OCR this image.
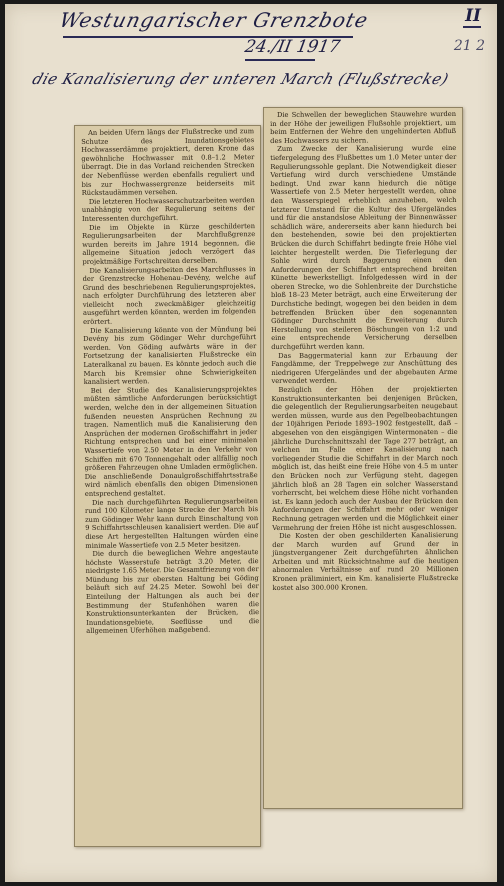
Westungarischer Grenzbote
24./II 1917
II
21 2
die Kanalisierung der unteren March (Flußstrecke)

An beiden Ufern längs der Flußstrecke und zum Schutze des Inundationsgebietes Hochwasserdämme projektiert, deren Krone das gewöhnliche Hochwasser mit 0.8–1.2 Meter überragt. Die in das Vorland reichenden Strecken der Nebenflüsse werden ebenfalls reguliert und bis zur Hochwassergrenze beiderseits mit Rückstaudämmen versehen.

Die letzteren Hochwasserschutzarbeiten werden unabhängig von der Regulierung seitens der Interessenten durchgeführt.

Die im Objekte in Kürze geschilderten Regulierungsarbeiten der Marchflußgrenze wurden bereits im Jahre 1914 begonnen, die allgemeine Situation jedoch verzögert das projektmäßige Fortschreiten derselben.

Die Kanalisierungsarbeiten des Marchflusses in der Grenzstrecke Hohenau–Devény, welche auf Grund des beschriebenen Regulierungsprojektes, nach erfolgter Durchführung des letzteren aber vielleicht noch zweckmäßiger gleichzeitig ausgeführt werden könnten, werden im folgenden erörtert.

Die Kanalisierung könnte von der Mündung bei Devény bis zum Gödinger Wehr durchgeführt werden. Von Göding aufwärts wäre in der Fortsetzung der kanalisierten Flußstrecke ein Lateralkanal zu bauen. Es könnte jedoch auch die March bis Kremsier ohne Schwierigkeiten kanalisiert werden.

Bei der Studie des Kanalisierungsprojektes müßten sämtliche Anforderungen berücksichtigt werden, welche den in der allgemeinen Situation fußenden neuesten Ansprüchen Rechnung zu tragen. Namentlich muß die Kanalisierung den Ansprüchen der modernen Großschiffahrt in jeder Richtung entsprechen und bei einer minimalen Wassertiefe von 2.50 Meter in den Verkehr von Schiffen mit 670 Tonnengehalt oder allfällig noch größeren Fahrzeugen ohne Umladen ermöglichen. Die anschließende Donaulgroßschiffahrtsstraße wird nämlich ebenfalls den obigen Dimensionen entsprechend gestaltet.

Die nach durchgeführten Regulierungsarbeiten rund 100 Kilometer lange Strecke der March bis zum Gödinger Wehr kann durch Einschaltung von 9 Schiffahrtsschleusen kanalisiert werden. Die auf diese Art hergestellten Haltungen würden eine minimale Wassertiefe von 2.5 Meter besitzen.

Die durch die beweglichen Wehre angestaute höchste Wasserstufe beträgt 3.20 Meter, die niedrigste 1.65 Meter. Die Gesamtfriezung von der Mündung bis zur obersten Haltung bei Göding beläuft sich auf 24.25 Meter. Sowohl bei der Einteilung der Haltungen als auch bei der Bestimmung der Stufenhöhen waren die Konstruktionsunterkanten der Brücken, die Inundationsgebiete, Seeflüsse und die allgemeinen Uferhöhen maßgebend.

Die Schwellen der beweglichen Stauwehre wurden in der Höhe der jeweiligen Flußsohle projektiert, um beim Entfernen der Wehre den ungehinderten Abfluß des Hochwassers zu sichern.

Zum Zwecke der Kanalisierung wurde eine tiefergelegung des Flußbettes um 1.0 Meter unter der Regulierungssohle geplant. Die Notwendigkeit dieser Vertiefung wird durch verschiedene Umstände bedingt. Und zwar kann hiedurch die nötige Wassertiefe von 2.5 Meter hergestellt werden, ohne den Wasserspiegel erheblich anzuheben, welch letzterer Umstand für die Kultur des Ufergeländes und für die anstandslose Ableitung der Binnenwässer schädlich wäre, andererseits aber kann hiedurch bei den bestehenden, sowie bei den projektierten Brücken die durch Schiffahrt bedingte freie Höhe viel leichter hergestellt werden. Die Tieferlegung der Sohle wird durch Baggerung einen den Anforderungen der Schiffahrt entsprechend breiten Künette bewerkstelligt. Infolgedessen wird in der oberen Strecke, wo die Sohlenbreite der Durchstiche bloß 18–23 Meter beträgt, auch eine Erweiterung der Durchstiche bedingt, wogegen bei den beiden in dem betreffenden Brücken über den sogenannten Gödinger Durchschnitt die Erweiterung durch Herstellung von steileren Böschungen von 1:2 und eine entsprechende Versicherung derselben durchgeführt werden kann.

Das Baggermaterial kann zur Erbauung der Fangdämme, der Treppelwege zur Anschüttung des niedrigeren Ufergeländes und der abgebauten Arme verwendet werden.

Bezüglich der Höhen der projektierten Konstruktionsunterkanten bei denjenigen Brücken, die gelegentlich der Regulierungsarbeiten neugebaut werden müssen, wurde aus den Pegelbeobachtungen der 10jährigen Periode 1893–1902 festgestellt, daß – abgesehen von den eisgängigen Wintermonaten – die jährliche Durchschnittszahl der Tage 277 beträgt, an welchen im Falle einer Kanalisierung nach vorliegender Studie die Schiffahrt in der March noch möglich ist, das heißt eine freie Höhe von 4.5 m unter den Brücken noch zur Verfügung steht, dagegen jährlich bloß an 28 Tagen ein solcher Wasserstand vorherrscht, bei welchem diese Höhe nicht vorhanden ist. Es kann jedoch auch der Ausbau der Brücken den Anforderungen der Schiffahrt mehr oder weniger Rechnung getragen werden und die Möglichkeit einer Vermehrung der freien Höhe ist nicht ausgeschlossen.

Die Kosten der oben geschilderten Kanalisierung der March wurden auf Grund der in jüngstvergangener Zeit durchgeführten ähnlichen Arbeiten und mit Rücksichtnahme auf die heutigen abnormalen Verhältnisse auf rund 20 Millionen Kronen präliminiert, ein Km. kanalisierte Flußstrecke kostet also 300.000 Kronen.
